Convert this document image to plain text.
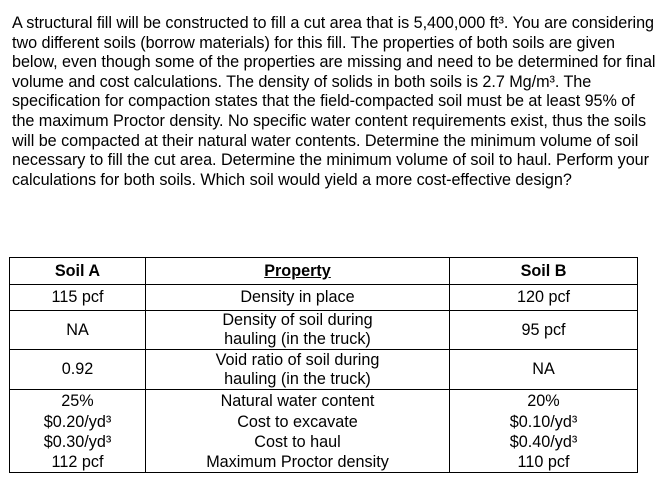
A structural fill will be constructed to fill a cut area that is 5,400,000 ft³. You are considering two different soils (borrow materials) for this fill. The properties of both soils are given below, even though some of the properties are missing and need to be determined for final volume and cost calculations. The density of solids in both soils is 2.7 Mg/m³. The specification for compaction states that the field-compacted soil must be at least 95% of the maximum Proctor density. No specific water content requirements exist, thus the soils will be compacted at their natural water contents. Determine the minimum volume of soil necessary to fill the cut area. Determine the minimum volume of soil to haul. Perform your calculations for both soils. Which soil would yield a more cost-effective design?

Soil A	Property	Soil B
115 pcf	Density in place	120 pcf
NA	Density of soil during hauling (in the truck)	95 pcf
0.92	Void ratio of soil during hauling (in the truck)	NA
25%	Natural water content	20%
$0.20/yd³	Cost to excavate	$0.10/yd³
$0.30/yd³	Cost to haul	$0.40/yd³
112 pcf	Maximum Proctor density	110 pcf
